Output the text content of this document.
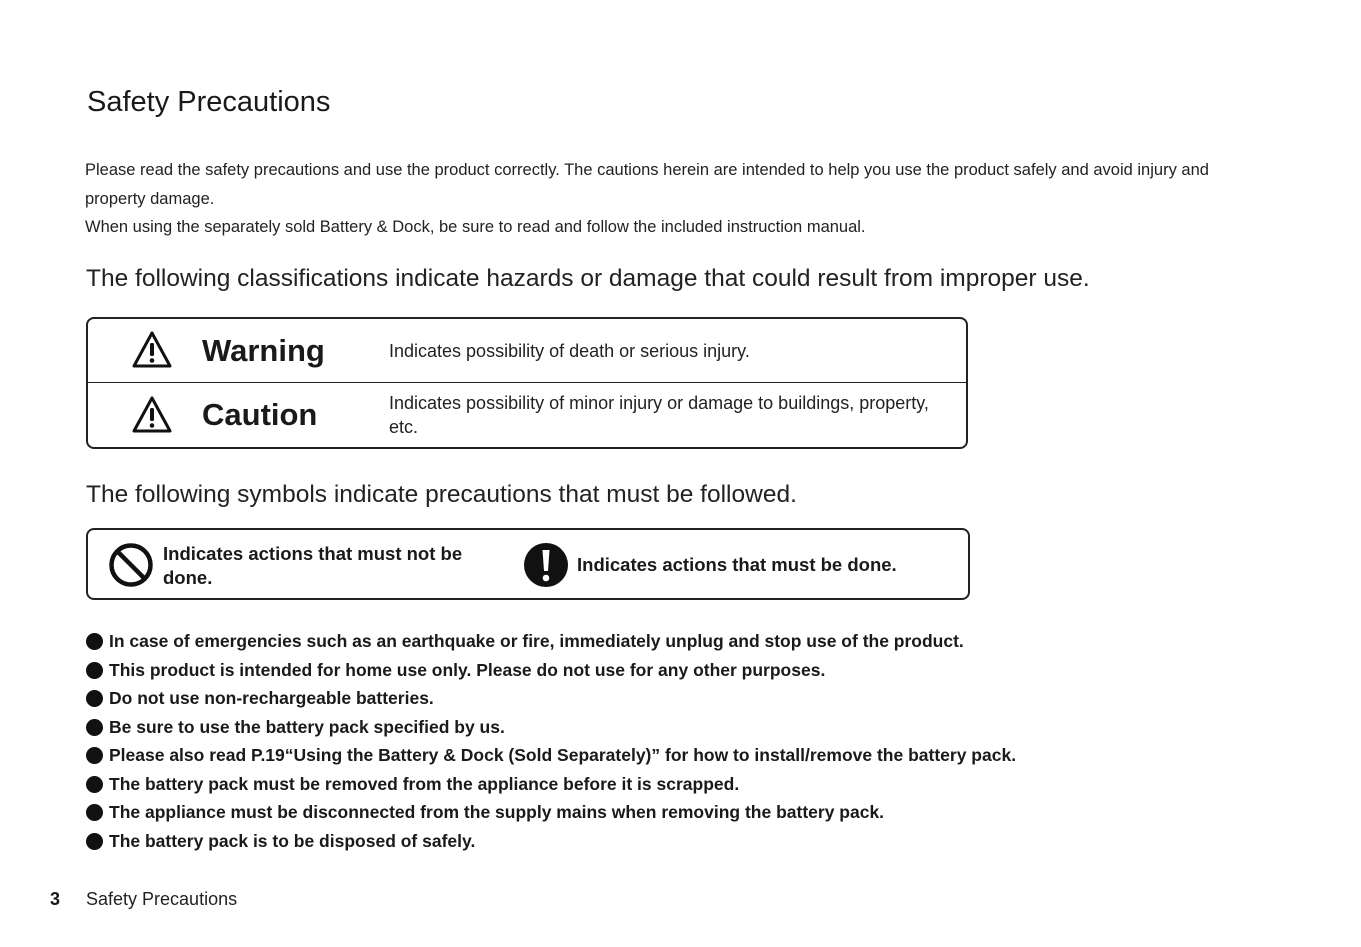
Safety Precautions

Please read the safety precautions and use the product correctly. The cautions herein are intended to help you use the product safely and avoid injury and property damage.

When using the separately sold Battery & Dock, be sure to read and follow the included instruction manual.

The following classifications indicate hazards or damage that could result from improper use.
Warning	Indicates possibility of death or serious injury.
Caution	Indicates possibility of minor injury or damage to buildings, property, etc.
The following symbols indicate precautions that must be followed.
Indicates actions that must not be done.
Indicates actions that must be done.
In case of emergencies such as an earthquake or fire, immediately unplug and stop use of the product.
This product is intended for home use only. Please do not use for any other purposes.
Do not use non-rechargeable batteries.
Be sure to use the battery pack specified by us.
Please also read P.19“Using the Battery & Dock (Sold Separately)” for how to install/remove the battery pack.
The battery pack must be removed from the appliance before it is scrapped.
The appliance must be disconnected from the supply mains when removing the battery pack.
The battery pack is to be disposed of safely.
3 Safety Precautions
